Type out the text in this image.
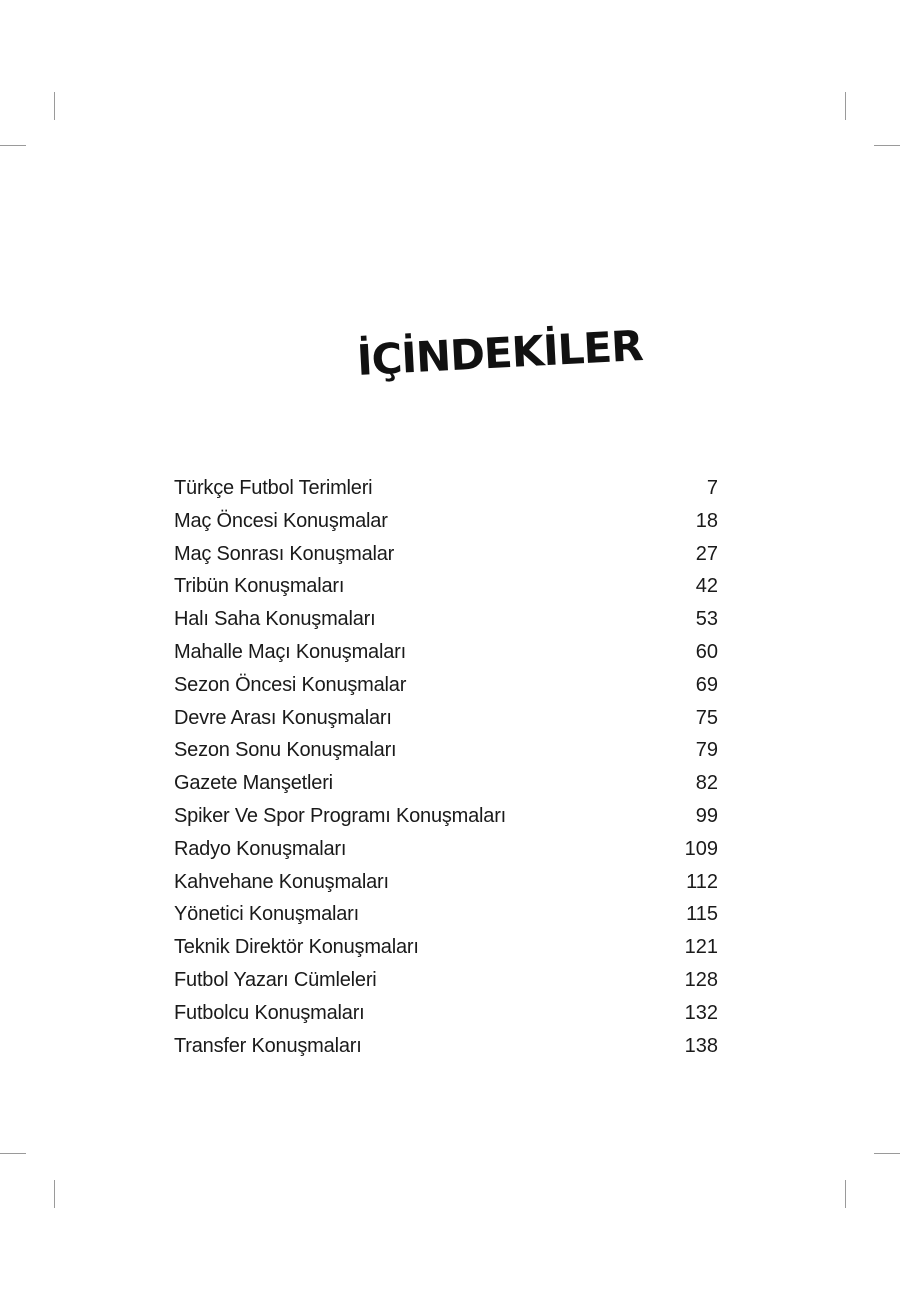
İÇİNDEKİLER
Türkçe Futbol Terimleri	7
Maç Öncesi Konuşmalar	18
Maç Sonrası Konuşmalar	27
Tribün Konuşmaları	42
Halı Saha Konuşmaları	53
Mahalle Maçı Konuşmaları	60
Sezon Öncesi Konuşmalar	69
Devre Arası Konuşmaları	75
Sezon Sonu Konuşmaları	79
Gazete Manşetleri	82
Spiker Ve Spor Programı Konuşmaları	99
Radyo Konuşmaları	109
Kahvehane Konuşmaları	112
Yönetici Konuşmaları	115
Teknik Direktör Konuşmaları	121
Futbol Yazarı Cümleleri	128
Futbolcu Konuşmaları	132
Transfer Konuşmaları	138
